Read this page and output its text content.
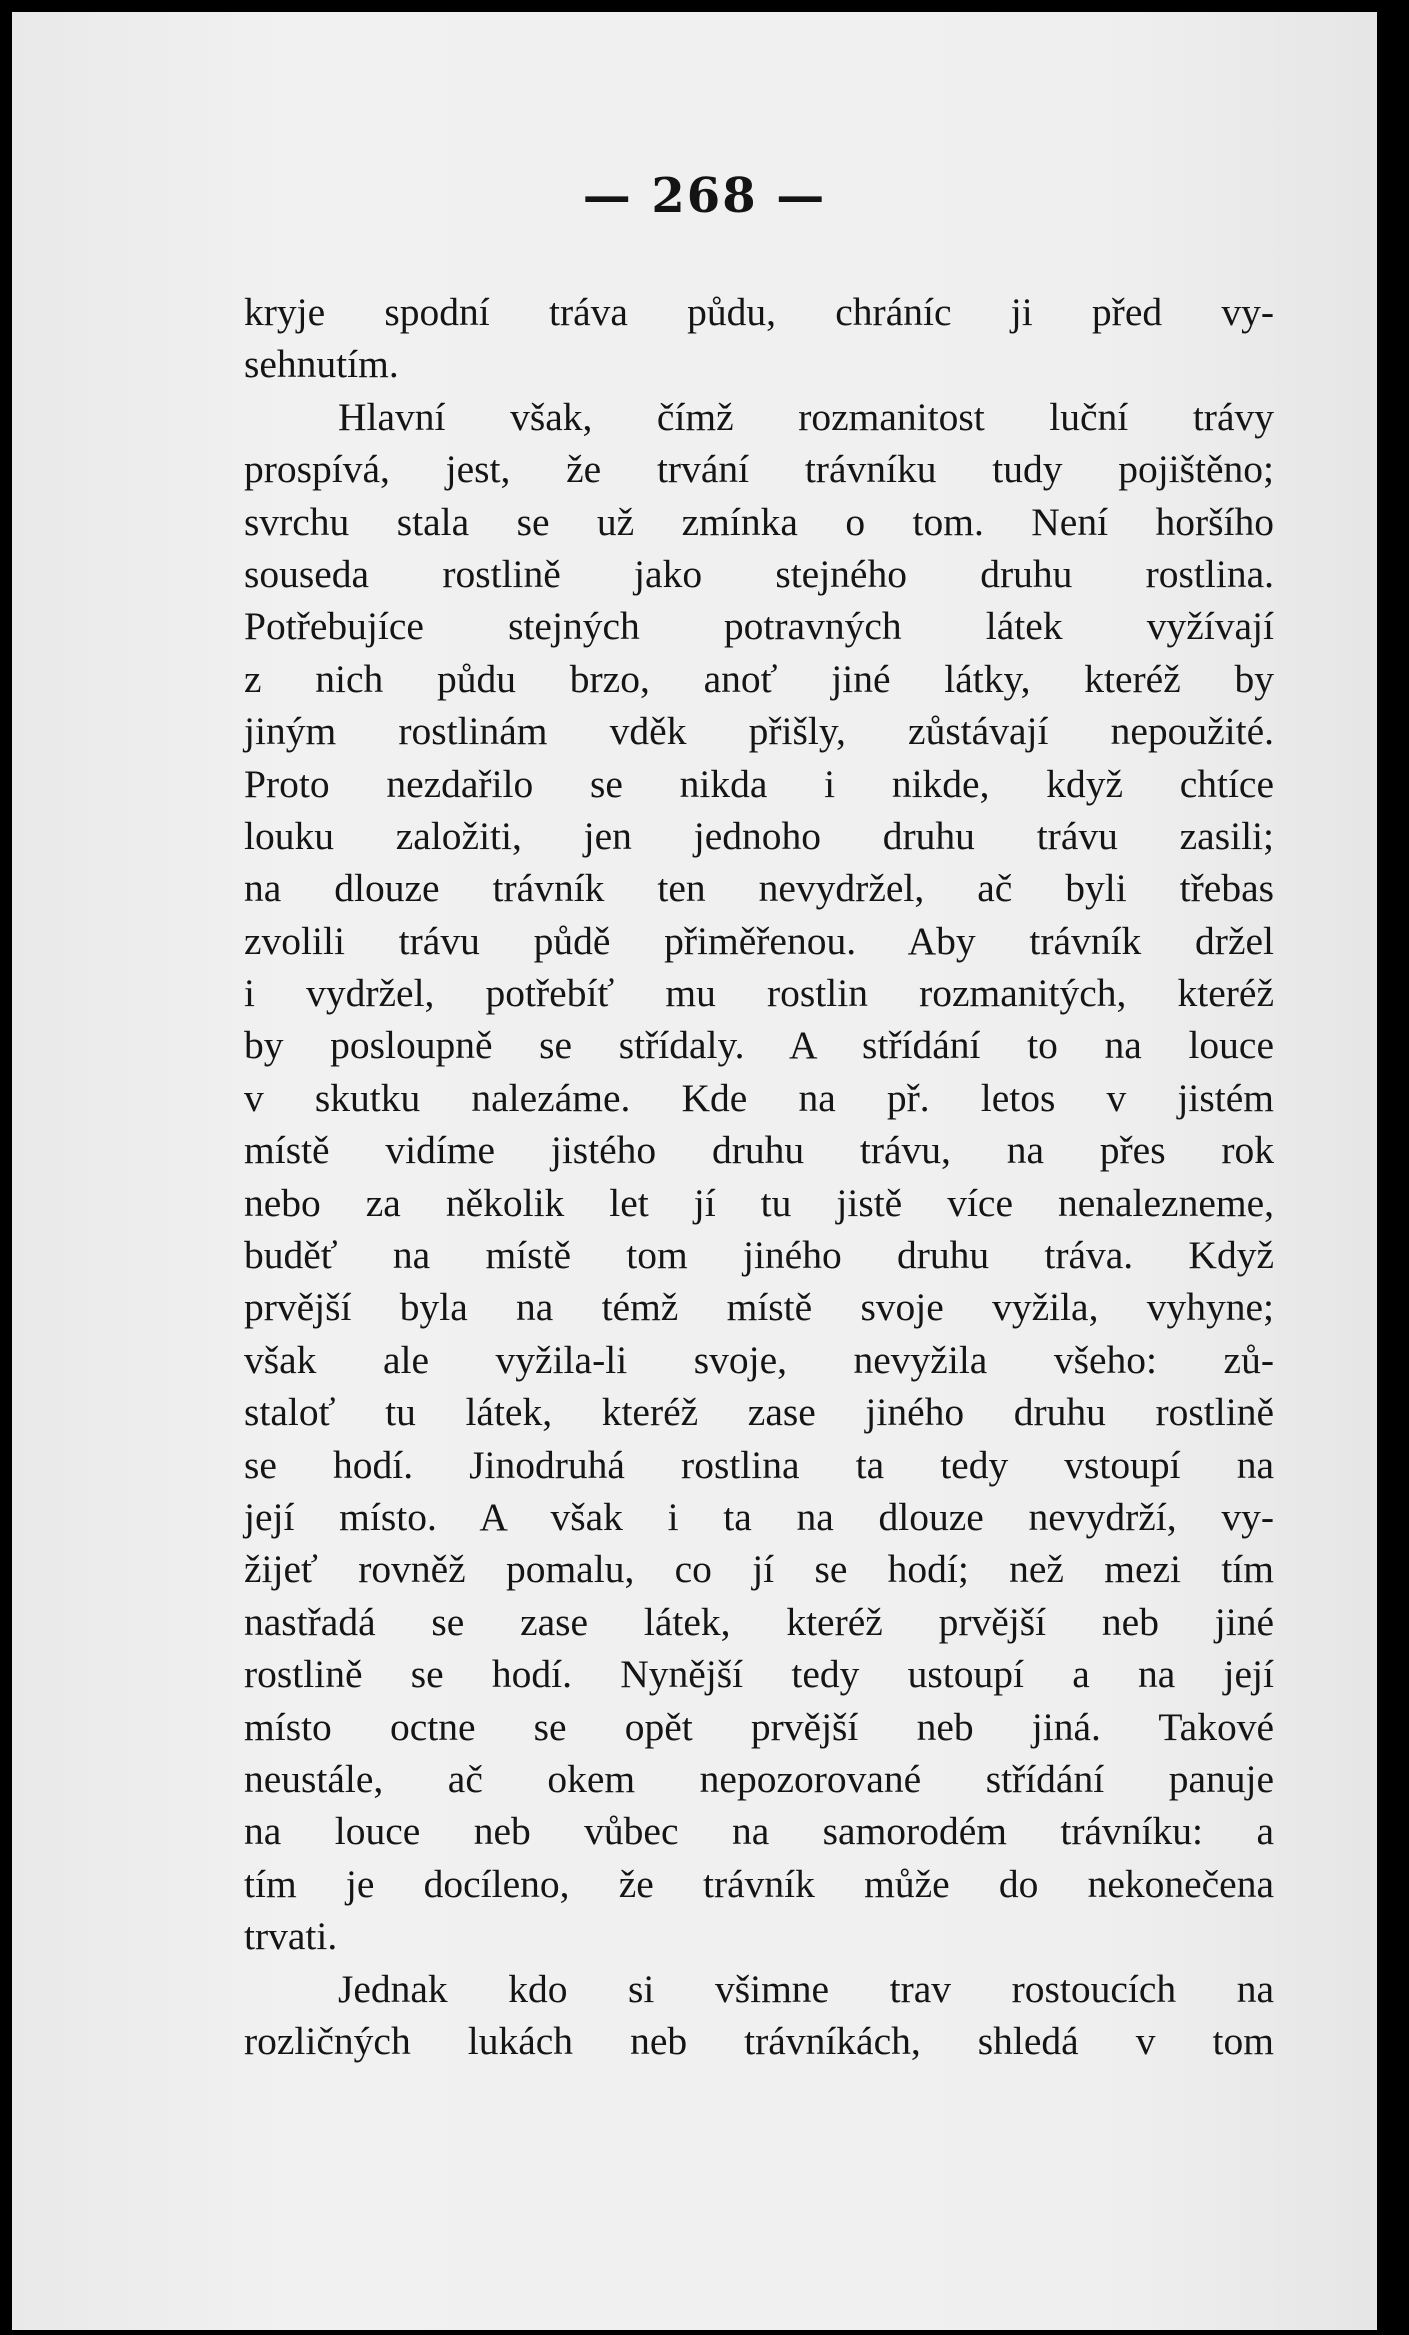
— 268 —
kryje spodní tráva půdu, chráníc ji před vy-
sehnutím.
Hlavní však, čímž rozmanitost luční trávy
prospívá, jest, že trvání trávníku tudy pojištěno;
svrchu stala se už zmínka o tom. Není horšího
souseda rostlině jako stejného druhu rostlina.
Potřebujíce stejných potravných látek vyžívají
z nich půdu brzo, anoť jiné látky, kteréž by
jiným rostlinám vděk přišly, zůstávají nepoužité.
Proto nezdařilo se nikda i nikde, když chtíce
louku založiti, jen jednoho druhu trávu zasili;
na dlouze trávník ten nevydržel, ač byli třebas
zvolili trávu půdě přiměřenou. Aby trávník držel
i vydržel, potřebíť mu rostlin rozmanitých, kteréž
by posloupně se střídaly. A střídání to na louce
v skutku nalezáme. Kde na př. letos v jistém
místě vidíme jistého druhu trávu, na přes rok
nebo za několik let jí tu jistě více nenalezneme,
buděť na místě tom jiného druhu tráva. Když
prvější byla na témž místě svoje vyžila, vyhyne;
však ale vyžila-li svoje, nevyžila všeho: zů-
staloť tu látek, kteréž zase jiného druhu rostlině
se hodí. Jinodruhá rostlina ta tedy vstoupí na
její místo. A však i ta na dlouze nevydrží, vy-
žijeť rovněž pomalu, co jí se hodí; než mezi tím
nastřadá se zase látek, kteréž prvější neb jiné
rostlině se hodí. Nynější tedy ustoupí a na její
místo octne se opět prvější neb jiná. Takové
neustále, ač okem nepozorované střídání panuje
na louce neb vůbec na samorodém trávníku: a
tím je docíleno, že trávník může do nekonečena
trvati.
Jednak kdo si všimne trav rostoucích na
rozličných lukách neb trávníkách, shledá v tom
